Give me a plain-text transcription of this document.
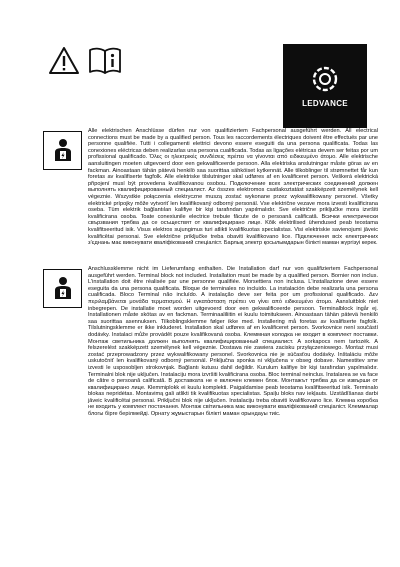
LEDVANCE
Alle elektrischen Anschlüsse dürfen nur von qualifiziertem Fachpersonal ausgeführt werden. All electrical connections must be made by a qualified person. Tous les raccordements électriques doivent être effectués par une personne qualifiée. Tutti i collegamenti elettrici devono essere eseguiti da una persona qualificata. Todas las conexiones eléctricas deben realizarlas una persona cualificada. Todas as ligações elétricas devem ser feitas por um profissional qualificado. Όλες οι ηλεκτρικές συνδέσεις πρέπει να γίνονται από ειδικευμένο άτομο. Alle elektrische aansluitingen moeten uitgevoerd door een gekwalificeerde persoon. Alla elektriska anslutningar måste göras av en fackman. Ainoastaan tähän pätevä henkilö saa suorittaa sähköiset kytkennät. Alle tilkoblinger til strømnettet får kun foretas av kvalifiserte fagfolk. Alle elektriske tilslutninger skal udføres af en kvalificeret person. Veškerá elektrická připojení musí být provedena kvalifikovanou osobou. Подключение всех электрических соединений должен выполнять квалифицированный специалист. Az összes elektromos csatlakoztatást szakképzett személynek kell végeznie. Wszystkie połączenia elektryczne muszą zostać wykonane przez wykwalifikowany personel. Všetky elektrické prípojky môže vytvoriť len kvalifikovaný odborný personál. Vse električne vezave mora izvesti kvalificirana oseba. Tüm elektrik bağlantıları kalifiye bir kişi tarafından yapılmalıdır. Sve električne priključke mora izvršiti kvalificirana osoba. Toate conexiunile electrice trebuie făcute de o persoană calificată. Всички електрически свързвания трябва да се осъществят от квалифицирано лице. Kõik elektrilised ühendused peab teostama kvalifitseeritud isik. Visus elektros sujungimus turi atlikti kvalifikuotas specialistas. Visi elektriskie savienojumi jāveic kvalificētai personai. Sve električne priključke treba obaviti kvalifikovano lice. Підключення всіх електричних з'єднань має виконувати кваліфікований спеціаліст. Барлық электр қосылымдарын білікті маман жүргізуі керек.
Anschlussklemme nicht im Lieferumfang enthalten. Die Installation darf nur von qualifiziertem Fachpersonal ausgeführt werden. Terminal block not included. Installation must be made by a qualified person. Bornier non inclus. L'installation doit être réalisée par une personne qualifiée. Morsettiera non inclusa. L'installazione deve essere eseguita da una persona qualificata. Bloque de terminales no incluido. La instalación debe realizarla una persona cualificada. Bloco Terminal não incluído. A instalação deve ser feita por um profissional qualificado. Δεν περιλαμβάνεται μονάδα τερματισμού. Η εγκατάσταση πρέπει να γίνει από ειδικευμένο άτομο. Aansluitblok niet inbegrepen. De installatie moet worden uitgevoerd door een gekwalificeerde persoon. Terminalblock ingår ej. Installationen måste skötas av en fackman. Terminaaliliitin ei kuulu toimitukseen. Ainoastaan tähän pätevä henkilö saa suorittaa asennuksen. Tilkoblingsklemme følger ikke med. Installering må foretas av kvalifiserte fagfolk. Tilslutningsklemme er ikke inkluderet. Installation skal udføres af en kvalificeret person. Svorkovnice není součástí dodávky. Instalaci může provádět pouze kvalifikovaná osoba. Клеммная колодка не входит в комплект поставки. Монтаж светильника должен выполнять квалифицированный специалист. A sorkapocs nem tartozék. A felszerelést szakképzett személynek kell végeznie. Dostawa nie zawiera zacisku przyłączeniowego. Montaż musi zostać przeprowadzony przez wykwalifikowany personel. Svorkovnica nie je súčasťou dodávky. Inštaláciu môže uskutočniť len kvalifikovaný odborný personál. Priključna sponka ni vključena v obseg dobave. Namestitev sme izvesti le usposobljen strokovnjak. Bağlantı kutusu dahil değildir. Kurulum kalifiye bir kişi tarafından yapılmalıdır. Terminalni blok nije uključen. Instalaciju mora izvršiti kvalificirana osoba. Bloc terminal neinclus. Instalarea se va face de către o persoană calificată. В доставката не е включен клемен блок. Монтажът трябва да се извърши от квалифицирано лице. Klemmiplokk ei kuulu komplekti. Paigaldamise peab teostama kvalifitseeritud isik. Terminalo blokas nepridėtas. Montavimą gali atlikti tik kvalifikuotas specialistas. Spaiļu bloks nav iekļauts. Uzstādīšanas darbi jāveic kvalificētai personai. Priključni blok nije uključen. Instalaciju treba obaviti kvalifikovano lice. Клемна коробка не входить у комплект постачання. Монтаж світильника має виконувати кваліфікований спеціаліст. Клеммалар блогы бірге берілмейді. Орнату жұмыстарын білікті маман орындауы тиіс.
